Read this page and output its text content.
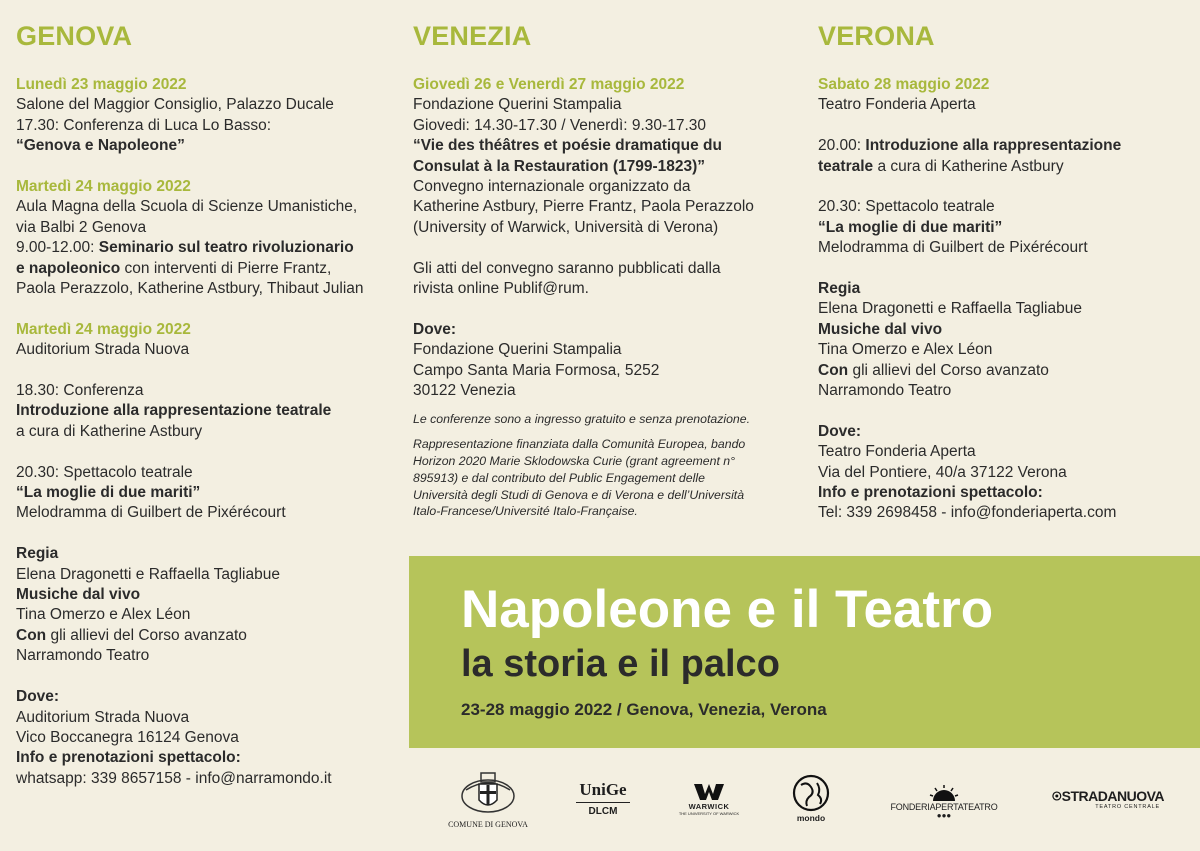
GENOVA
Lunedì 23 maggio 2022
Salone del Maggior Consiglio, Palazzo Ducale
17.30: Conferenza di Luca Lo Basso:
“Genova e Napoleone”
Martedì 24 maggio 2022
Aula Magna della Scuola di Scienze Umanistiche,
via Balbi 2 Genova
9.00-12.00: Seminario sul teatro rivoluzionario
e napoleonico con interventi di Pierre Frantz,
Paola Perazzolo, Katherine Astbury, Thibaut Julian
Martedì 24 maggio 2022
Auditorium Strada Nuova
18.30: Conferenza
Introduzione alla rappresentazione teatrale
a cura di Katherine Astbury
20.30: Spettacolo teatrale
“La moglie di due mariti”
Melodramma di Guilbert de Pixérécourt
Regia
Elena Dragonetti e Raffaella Tagliabue
Musiche dal vivo
Tina Omerzo e Alex Léon
Con gli allievi del Corso avanzato
Narramondo Teatro
Dove:
Auditorium Strada Nuova
Vico Boccanegra 16124 Genova
Info e prenotazioni spettacolo:
whatsapp: 339 8657158 - info@narramondo.it
VENEZIA
Giovedì 26 e Venerdì 27 maggio 2022
Fondazione Querini Stampalia
Giovedi: 14.30-17.30 / Venerdì: 9.30-17.30
“Vie des théâtres et poésie dramatique du
Consulat à la Restauration (1799-1823)”
Convegno internazionale organizzato da
Katherine Astbury, Pierre Frantz, Paola Perazzolo
(University of Warwick, Università di Verona)
Gli atti del convegno saranno pubblicati dalla
rivista online Publif@rum.
Dove:
Fondazione Querini Stampalia
Campo Santa Maria Formosa, 5252
30122 Venezia
Le conferenze sono a ingresso gratuito e senza prenotazione.
Rappresentazione finanziata dalla Comunità Europea, bando
Horizon 2020 Marie Sklodowska Curie (grant agreement n°
895913) e dal contributo del Public Engagement delle
Università degli Studi di Genova e di Verona e dell’Università
Italo-Francese/Université Italo-Française.
VERONA
Sabato 28 maggio 2022
Teatro Fonderia Aperta
20.00: Introduzione alla rappresentazione
teatrale a cura di Katherine Astbury
20.30: Spettacolo teatrale
“La moglie di due mariti”
Melodramma di Guilbert de Pixérécourt
Regia
Elena Dragonetti e Raffaella Tagliabue
Musiche dal vivo
Tina Omerzo e Alex Léon
Con gli allievi del Corso avanzato
Narramondo Teatro
Dove:
Teatro Fonderia Aperta
Via del Pontiere, 40/a 37122 Verona
Info e prenotazioni spettacolo:
Tel: 339 2698458 - info@fonderiaperta.com
Napoleone e il Teatro
la storia e il palco
23-28 maggio 2022 / Genova, Venezia, Verona
COMUNE DI GENOVA
UniGe
DLCM	WARWICK
THE UNIVERSITY OF WARWICK	mondo
FONDERIAPERTATEATRO
●●●
STRADANUOVA
TEATRO CENTRALE
